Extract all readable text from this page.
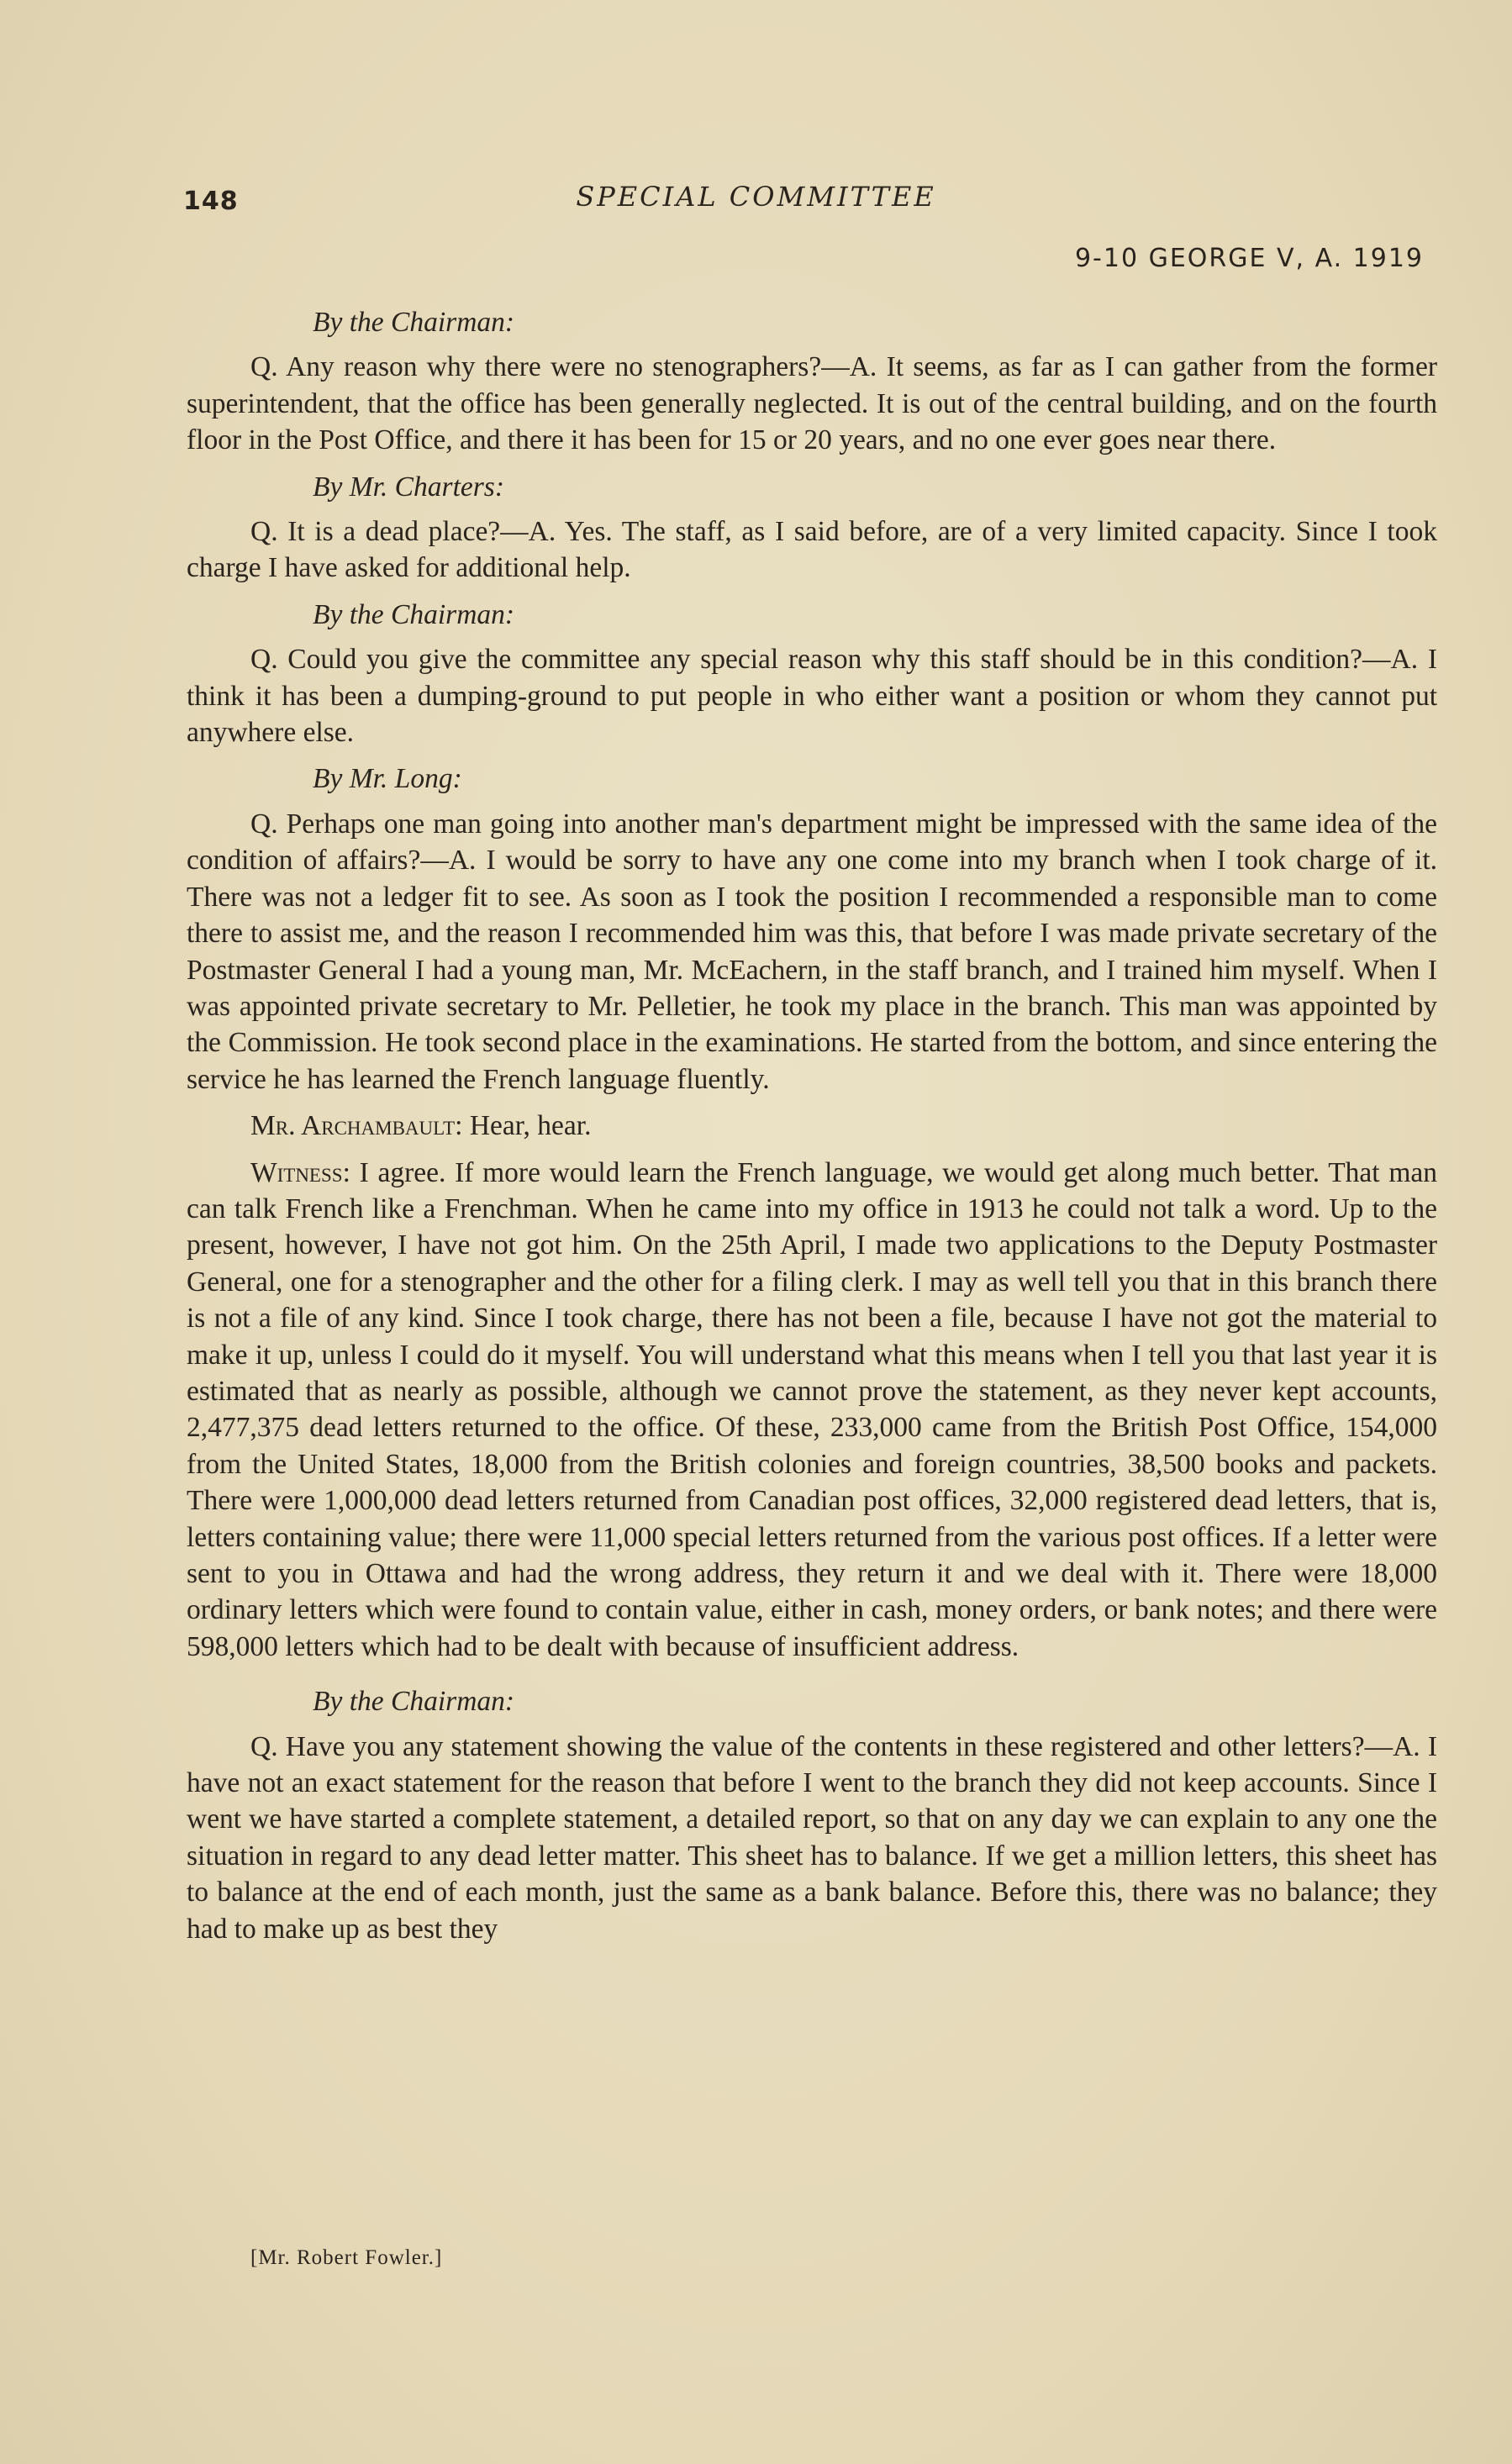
148	SPECIAL COMMITTEE
9-10 GEORGE V, A. 1919
By the Chairman:

Q. Any reason why there were no stenographers?—A. It seems, as far as I can gather from the former superintendent, that the office has been generally neglected. It is out of the central building, and on the fourth floor in the Post Office, and there it has been for 15 or 20 years, and no one ever goes near there.

By Mr. Charters:

Q. It is a dead place?—A. Yes. The staff, as I said before, are of a very limited capacity. Since I took charge I have asked for additional help.

By the Chairman:

Q. Could you give the committee any special reason why this staff should be in this condition?—A. I think it has been a dumping-ground to put people in who either want a position or whom they cannot put anywhere else.

By Mr. Long:

Q. Perhaps one man going into another man's department might be impressed with the same idea of the condition of affairs?—A. I would be sorry to have any one come into my branch when I took charge of it. There was not a ledger fit to see. As soon as I took the position I recommended a responsible man to come there to assist me, and the reason I recommended him was this, that before I was made private secretary of the Postmaster General I had a young man, Mr. McEachern, in the staff branch, and I trained him myself. When I was appointed private secretary to Mr. Pelletier, he took my place in the branch. This man was appointed by the Commission. He took second place in the examinations. He started from the bottom, and since entering the service he has learned the French language fluently.

Mr. Archambault: Hear, hear.

Witness: I agree. If more would learn the French language, we would get along much better. That man can talk French like a Frenchman. When he came into my office in 1913 he could not talk a word. Up to the present, however, I have not got him. On the 25th April, I made two applications to the Deputy Postmaster General, one for a stenographer and the other for a filing clerk. I may as well tell you that in this branch there is not a file of any kind. Since I took charge, there has not been a file, because I have not got the material to make it up, unless I could do it myself. You will understand what this means when I tell you that last year it is estimated that as nearly as possible, although we cannot prove the statement, as they never kept accounts, 2,477,375 dead letters returned to the office. Of these, 233,000 came from the British Post Office, 154,000 from the United States, 18,000 from the British colonies and foreign countries, 38,500 books and packets. There were 1,000,000 dead letters returned from Canadian post offices, 32,000 registered dead letters, that is, letters containing value; there were 11,000 special letters returned from the various post offices. If a letter were sent to you in Ottawa and had the wrong address, they return it and we deal with it. There were 18,000 ordinary letters which were found to contain value, either in cash, money orders, or bank notes; and there were 598,000 letters which had to be dealt with because of insufficient address.

By the Chairman:

Q. Have you any statement showing the value of the contents in these registered and other letters?—A. I have not an exact statement for the reason that before I went to the branch they did not keep accounts. Since I went we have started a complete statement, a detailed report, so that on any day we can explain to any one the situation in regard to any dead letter matter. This sheet has to balance. If we get a million letters, this sheet has to balance at the end of each month, just the same as a bank balance. Before this, there was no balance; they had to make up as best they

[Mr. Robert Fowler.]
